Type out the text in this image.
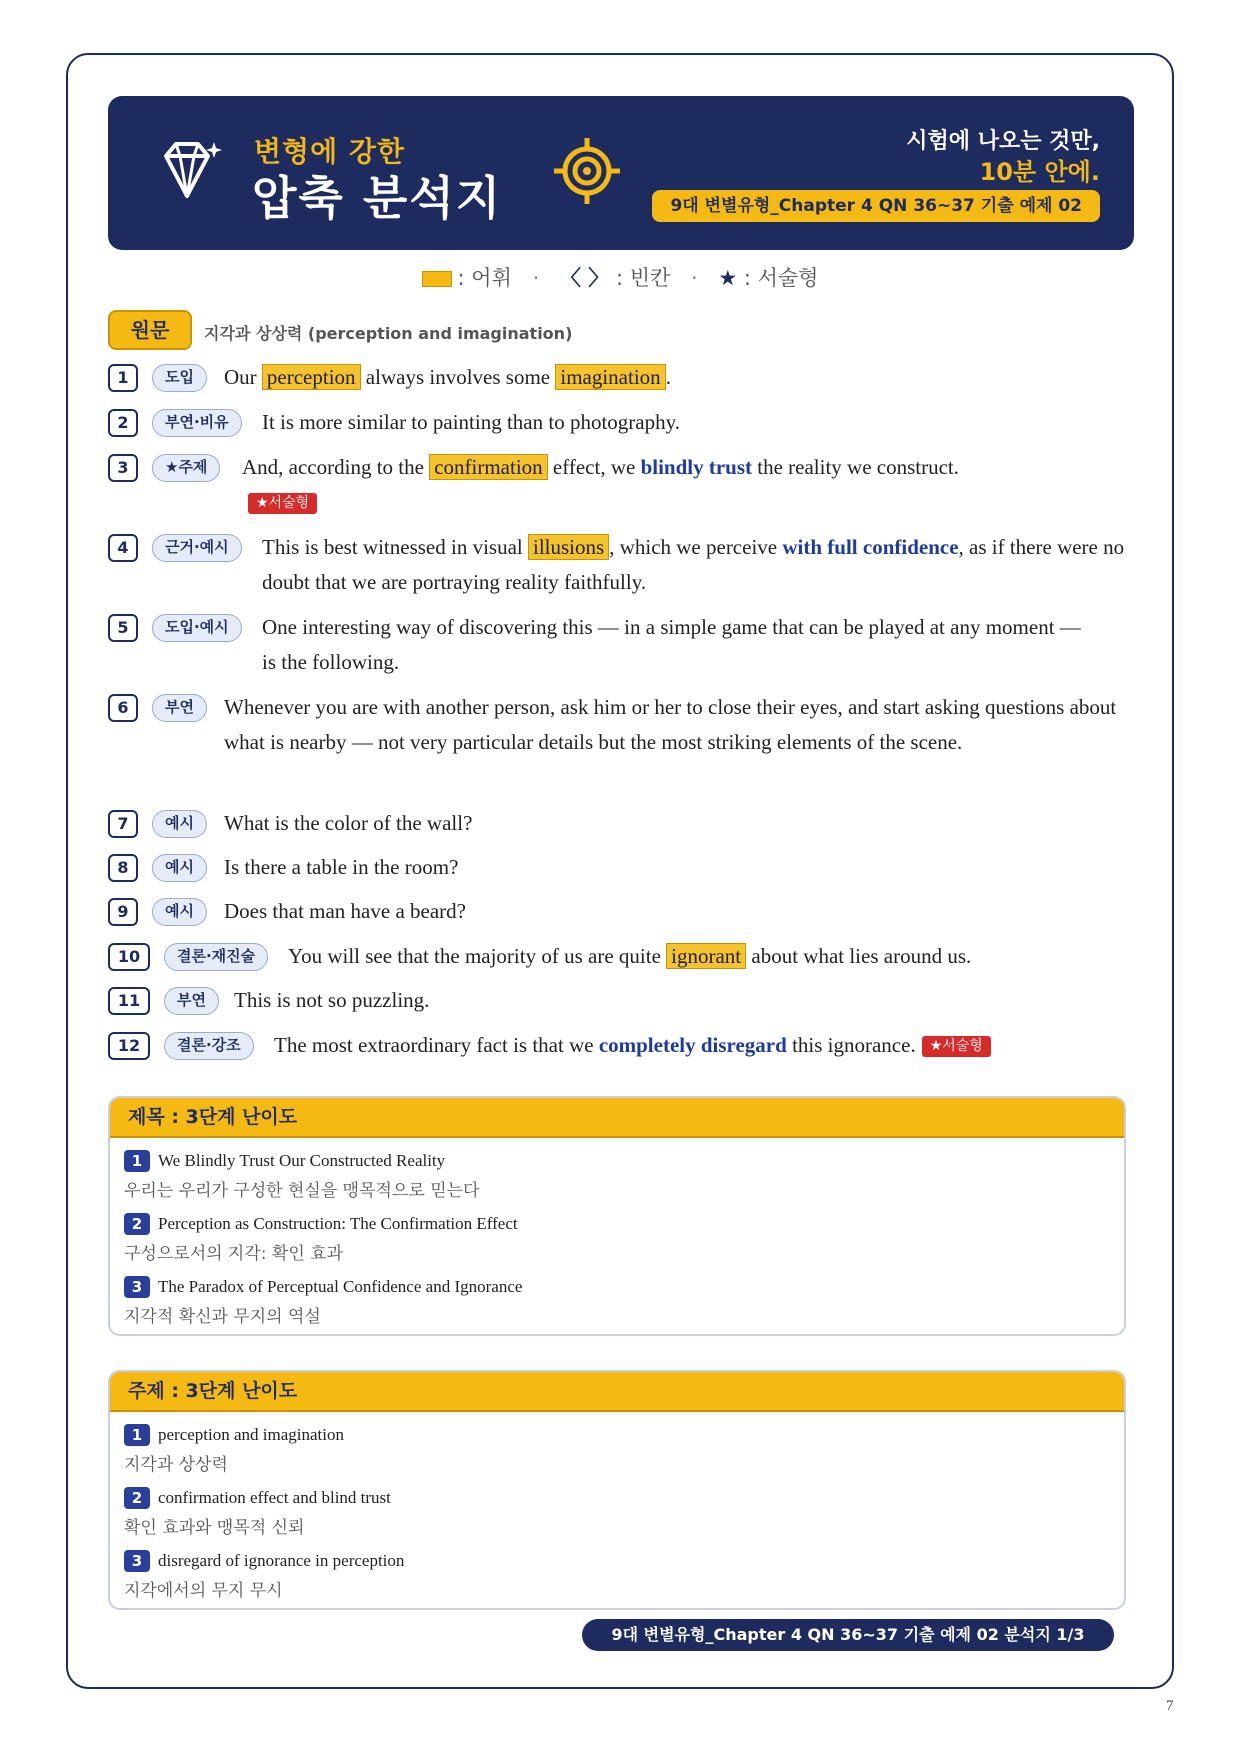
변형에 강한
압축 분석지
시험에 나오는 것만,
10분 안에.
9대 변별유형_Chapter 4 QN 36~37 기출 예제 02
: 어휘 · 〈 〉 : 빈칸 · ★ : 서술형
원문	지각과 상상력 (perception and imagination)
1	도입	Our perception always involves some imagination .
2	부연·비유	It is more similar to painting than to photography.
3	★주제	And, according to the confirmation effect, we blindly trust the reality we construct.★서술형
4	근거·예시	This is best witnessed in visual illusions , which we perceive with full confidence, as if there were no doubt that we are portraying reality faithfully.
5	도입·예시	One interesting way of discovering this — in a simple game that can be played at any moment — is the following.
6	부연	Whenever you are with another person, ask him or her to close their eyes, and start asking questions about what is nearby — not very particular details but the most striking elements of the scene.
7	예시	What is the color of the wall?
8	예시	Is there a table in the room?
9	예시	Does that man have a beard?
10	결론·재진술	You will see that the majority of us are quite ignorant about what lies around us.
11	부연	This is not so puzzling.
12	결론·강조	The most extraordinary fact is that we completely disregard this ignorance. ★서술형
제목 : 3단계 난이도
1 We Blindly Trust Our Constructed Reality
우리는 우리가 구성한 현실을 맹목적으로 믿는다
2 Perception as Construction: The Confirmation Effect
구성으로서의 지각: 확인 효과
3 The Paradox of Perceptual Confidence and Ignorance
지각적 확신과 무지의 역설
주제 : 3단계 난이도
1 perception and imagination
지각과 상상력
2 confirmation effect and blind trust
확인 효과와 맹목적 신뢰
3 disregard of ignorance in perception
지각에서의 무지 무시
9대 변별유형_Chapter 4 QN 36~37 기출 예제 02 분석지 1/3
7
